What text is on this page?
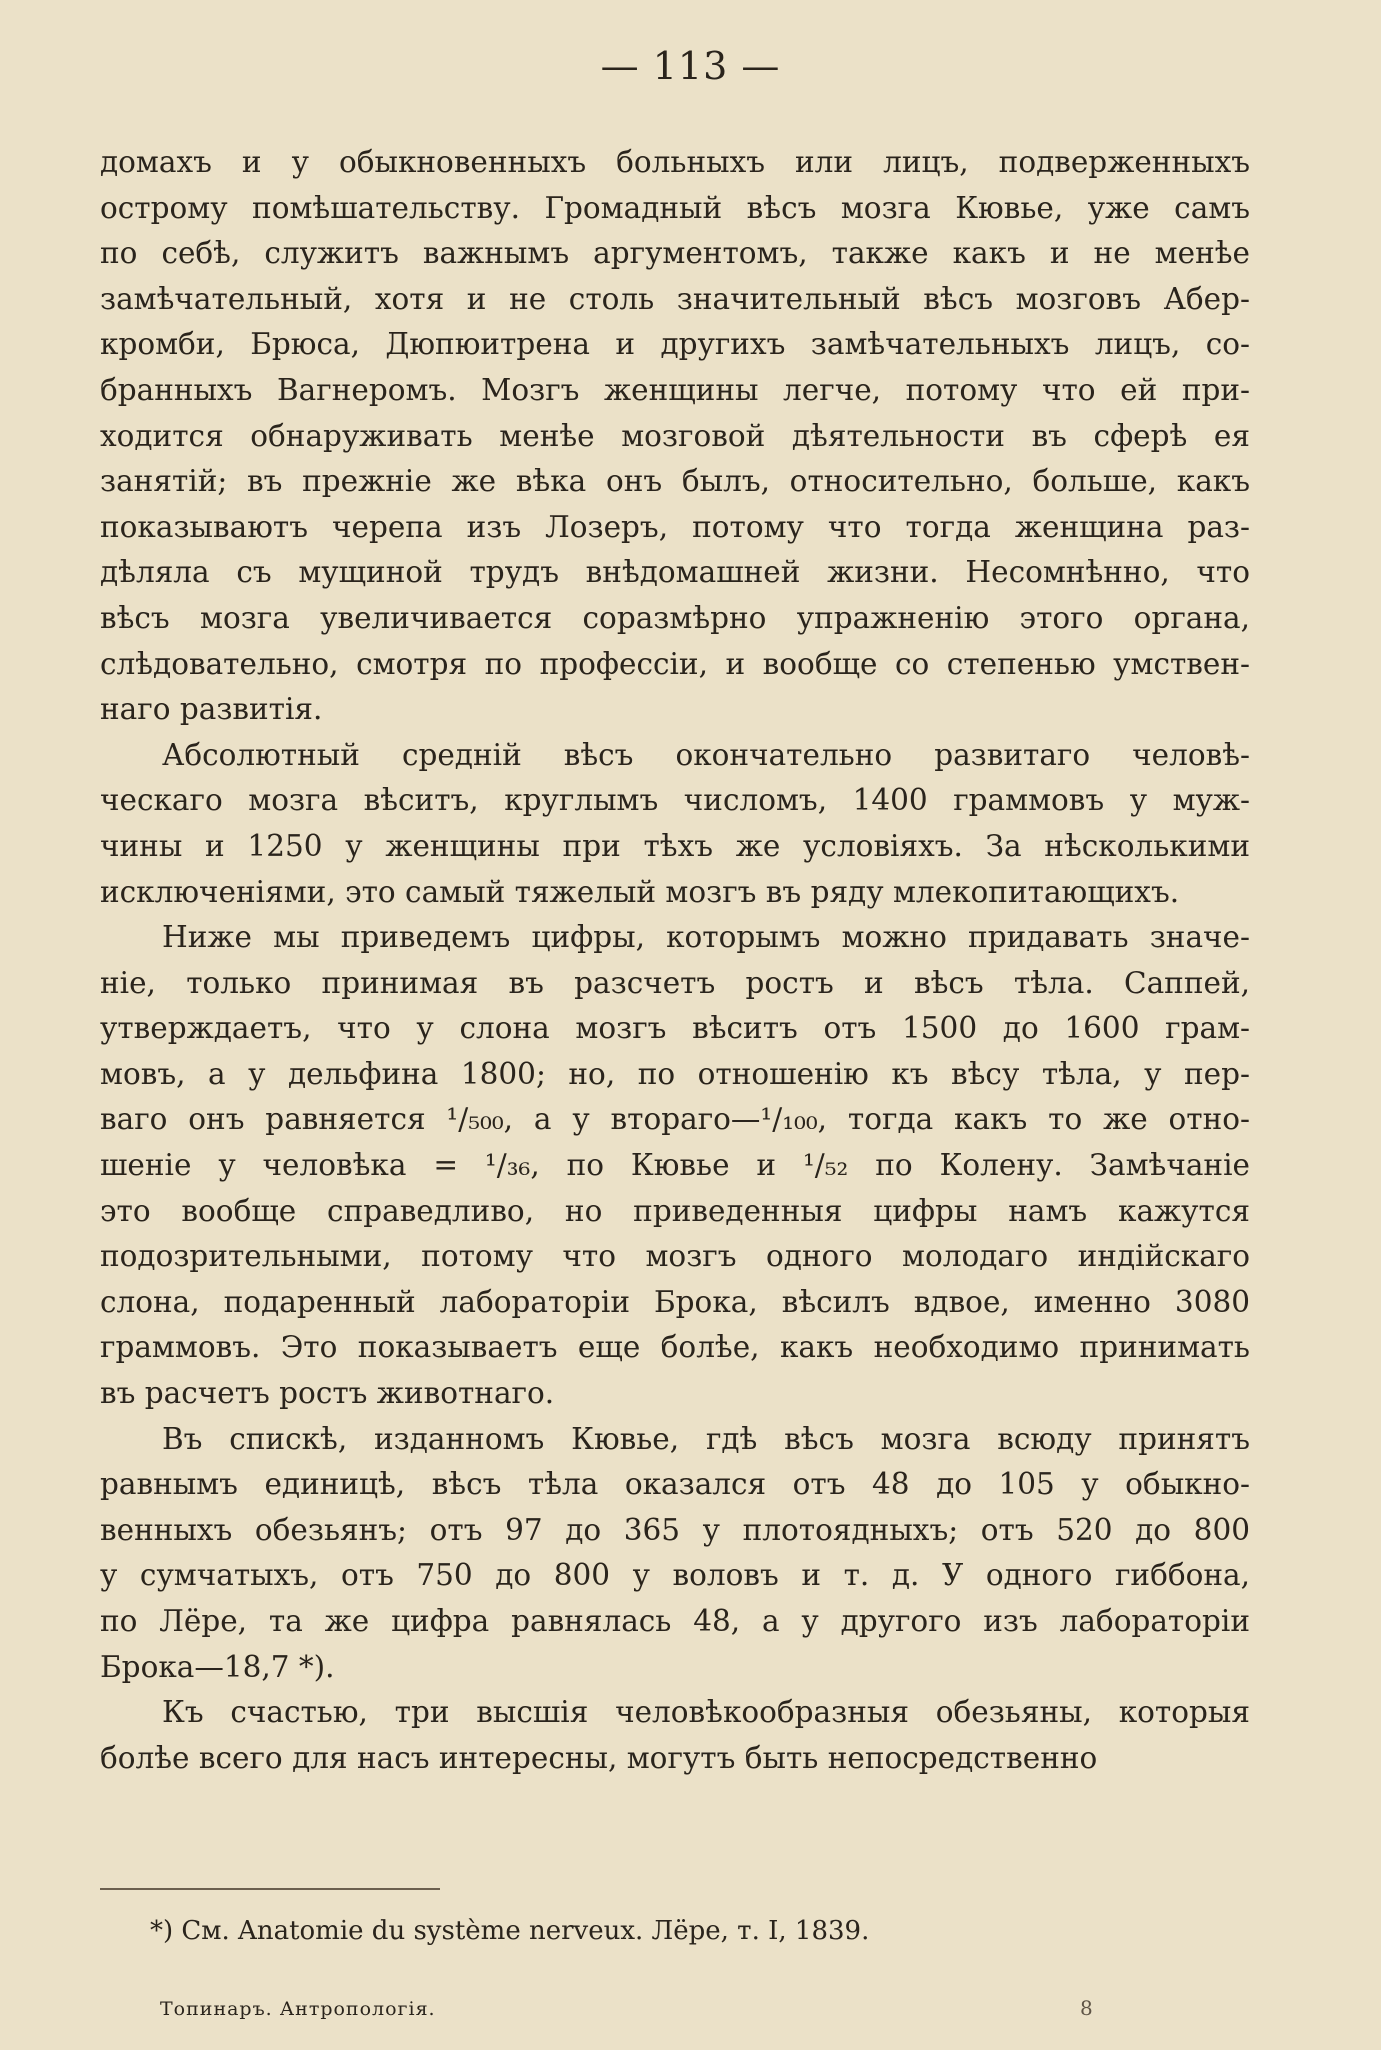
— 113 —

домахъ и у обыкновенныхъ больныхъ или лицъ, подверженныхъ
острому помѣшательству. Громадный вѣсъ мозга Кювье, уже самъ
по себѣ, служитъ важнымъ аргументомъ, также какъ и не менѣе
замѣчательный, хотя и не столь значительный вѣсъ мозговъ Абер-
кромби, Брюса, Дюпюитрена и другихъ замѣчательныхъ лицъ, со-
бранныхъ Вагнеромъ. Мозгъ женщины легче, потому что ей при-
ходится обнаруживать менѣе мозговой дѣятельности въ сферѣ ея
занятій; въ прежніе же вѣка онъ былъ, относительно, больше, какъ
показываютъ черепа изъ Лозеръ, потому что тогда женщина раз-
дѣляла съ мущиной трудъ внѣдомашней жизни. Несомнѣнно, что
вѣсъ мозга увеличивается соразмѣрно упражненію этого органа,
слѣдовательно, смотря по профессіи, и вообще со степенью умствен-
наго развитія.

Абсолютный средній вѣсъ окончательно развитаго человѣ-
ческаго мозга вѣситъ, круглымъ числомъ, 1400 граммовъ у муж-
чины и 1250 у женщины при тѣхъ же условіяхъ. За нѣсколькими
исключеніями, это самый тяжелый мозгъ въ ряду млекопитающихъ.

Ниже мы приведемъ цифры, которымъ можно придавать значе-
ніе, только принимая въ разсчетъ ростъ и вѣсъ тѣла. Саппей,
утверждаетъ, что у слона мозгъ вѣситъ отъ 1500 до 1600 грам-
мовъ, а у дельфина 1800; но, по отношенію къ вѣсу тѣла, у пер-
ваго онъ равняется ¹/₅₀₀, а у втораго—¹/₁₀₀, тогда какъ то же отно-
шеніе у человѣка = ¹/₃₆, по Кювье и ¹/₅₂ по Колену. Замѣчаніе
это вообще справедливо, но приведенныя цифры намъ кажутся
подозрительными, потому что мозгъ одного молодаго индійскаго
слона, подаренный лабораторіи Брока, вѣсилъ вдвое, именно 3080
граммовъ. Это показываетъ еще болѣе, какъ необходимо принимать
въ расчетъ ростъ животнаго.

Въ спискѣ, изданномъ Кювье, гдѣ вѣсъ мозга всюду принятъ
равнымъ единицѣ, вѣсъ тѣла оказался отъ 48 до 105 у обыкно-
венныхъ обезьянъ; отъ 97 до 365 у плотоядныхъ; отъ 520 до 800
у сумчатыхъ, отъ 750 до 800 у воловъ и т. д. У одного гиббона,
по Лёре, та же цифра равнялась 48, а у другого изъ лабораторіи
Брока—18,7 *).

Къ счастью, три высшія человѣкообразныя обезьяны, которыя
болѣе всего для насъ интересны, могутъ быть непосредственно

*) См. Anatomie du système nerveux. Лёре, т. I, 1839.
Топинаръ. Антропологія.	8
